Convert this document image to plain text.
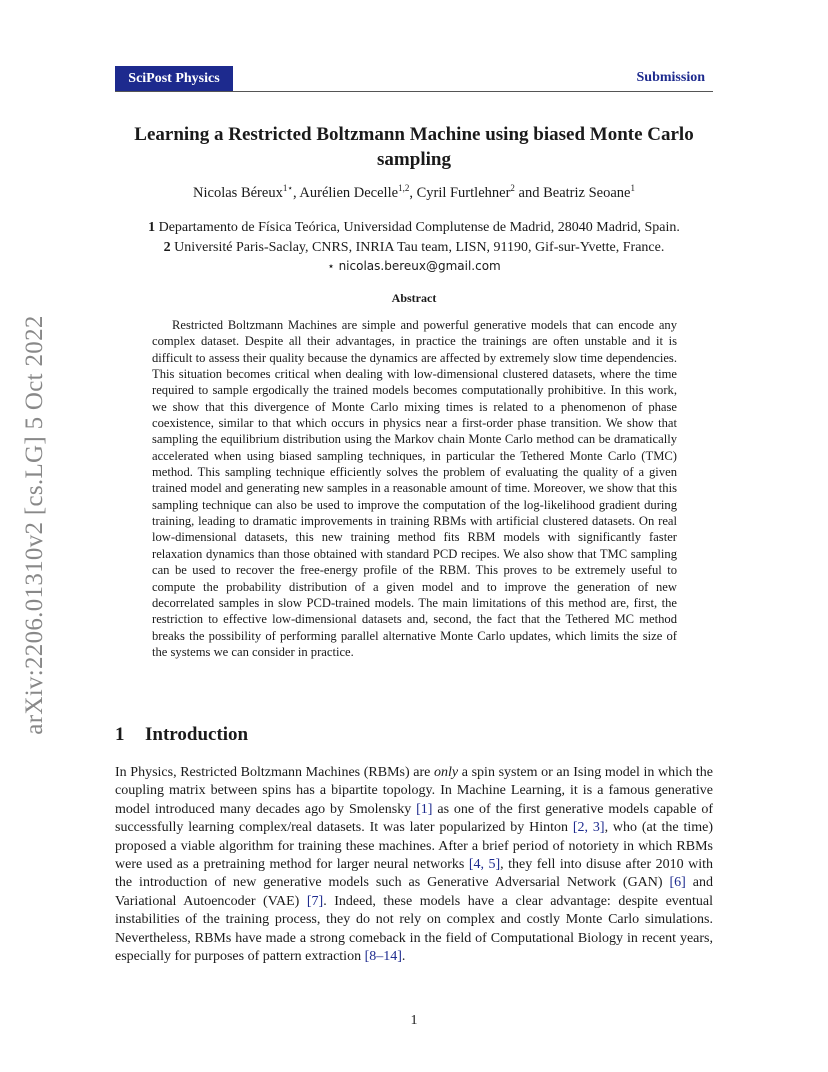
SciPost Physics	Submission
arXiv:2206.01310v2 [cs.LG] 5 Oct 2022
Learning a Restricted Boltzmann Machine using biased Monte Carlo sampling
Nicolas Béreux$^{1⋆}$, Aurélien Decelle$^{1,2}$, Cyril Furtlehner$^2$ and Beatriz Seoane$^1$
1 Departamento de Física Teórica, Universidad Complutense de Madrid, 28040 Madrid, Spain.
2 Université Paris-Saclay, CNRS, INRIA Tau team, LISN, 91190, Gif-sur-Yvette, France.
⋆ nicolas.bereux@gmail.com
Abstract

Restricted Boltzmann Machines are simple and powerful generative models that can encode any complex dataset. Despite all their advantages, in practice the trainings are often unstable and it is difficult to assess their quality because the dynamics are affected by extremely slow time dependencies. This situation becomes critical when dealing with low-dimensional clustered datasets, where the time required to sample ergodically the trained models becomes computationally prohibitive. In this work, we show that this divergence of Monte Carlo mixing times is related to a phenomenon of phase coexistence, similar to that which occurs in physics near a first-order phase transition. We show that sampling the equilibrium distribution using the Markov chain Monte Carlo method can be dramatically accelerated when using biased sampling techniques, in particular the Tethered Monte Carlo (TMC) method. This sampling technique efficiently solves the problem of evaluating the quality of a given trained model and generating new samples in a reasonable amount of time. Moreover, we show that this sampling technique can also be used to improve the computation of the log-likelihood gradient during training, leading to dramatic improvements in training RBMs with artificial clustered datasets. On real low-dimensional datasets, this new training method fits RBM models with significantly faster relaxation dynamics than those obtained with standard PCD recipes. We also show that TMC sampling can be used to recover the free-energy profile of the RBM. This proves to be extremely useful to compute the probability distribution of a given model and to improve the generation of new decorrelated samples in slow PCD-trained models. The main limitations of this method are, first, the restriction to effective low-dimensional datasets and, second, the fact that the Tethered MC method breaks the possibility of performing parallel alternative Monte Carlo updates, which limits the size of the systems we can consider in practice.

1 Introduction

In Physics, Restricted Boltzmann Machines (RBMs) are only a spin system or an Ising model in which the coupling matrix between spins has a bipartite topology. In Machine Learning, it is a famous generative model introduced many decades ago by Smolensky [1] as one of the first generative models capable of successfully learning complex/real datasets. It was later popularized by Hinton [2, 3], who (at the time) proposed a viable algorithm for training these machines. After a brief period of notoriety in which RBMs were used as a pretraining method for larger neural networks [4, 5], they fell into disuse after 2010 with the introduction of new generative models such as Generative Adversarial Network (GAN) [6] and Variational Autoencoder (VAE) [7]. Indeed, these models have a clear advantage: despite eventual instabilities of the training process, they do not rely on complex and costly Monte Carlo simulations. Nevertheless, RBMs have made a strong comeback in the field of Computational Biology in recent years, especially for purposes of pattern extraction [8–14].

1
